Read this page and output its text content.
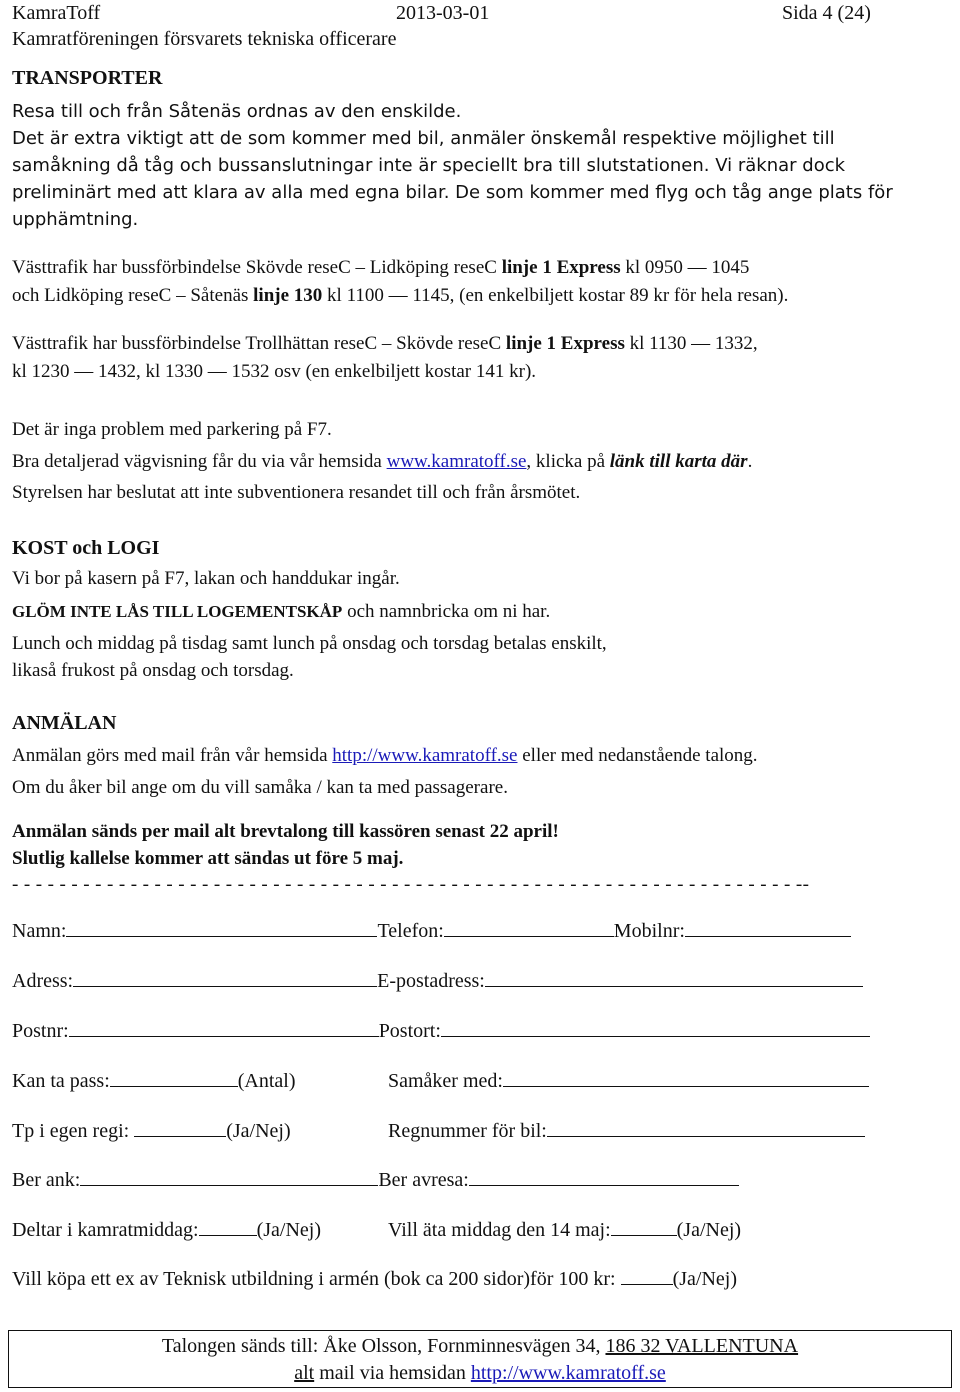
KamraToff	2013-03-01	Sida 4 (24)
Kamratföreningen försvarets tekniska officerare
TRANSPORTER
Resa till och från Såtenäs ordnas av den enskilde.
Det är extra viktigt att de som kommer med bil, anmäler önskemål respektive möjlighet till
samåkning då tåg och bussanslutningar inte är speciellt bra till slutstationen. Vi räknar dock
preliminärt med att klara av alla med egna bilar. De som kommer med flyg och tåg ange plats för
upphämtning.
Västtrafik har bussförbindelse Skövde reseC – Lidköping reseC linje 1 Express kl 0950 — 1045
och Lidköping reseC – Såtenäs linje 130 kl 1100 — 1145, (en enkelbiljett kostar 89 kr för hela resan).
Västtrafik har bussförbindelse Trollhättan reseC – Skövde reseC linje 1 Express kl 1130 — 1332,
kl 1230 — 1432, kl 1330 — 1532 osv (en enkelbiljett kostar 141 kr).
Det är inga problem med parkering på F7.
Bra detaljerad vägvisning får du via vår hemsida www.kamratoff.se, klicka på länk till karta där.
Styrelsen har beslutat att inte subventionera resandet till och från årsmötet.
KOST och LOGI
Vi bor på kasern på F7, lakan och handdukar ingår.
GLÖM INTE LÅS TILL LOGEMENTSKÅP och namnbricka om ni har.
Lunch och middag på tisdag samt lunch på onsdag och torsdag betalas enskilt,
likaså frukost på onsdag och torsdag.
ANMÄLAN
Anmälan görs med mail från vår hemsida http://www.kamratoff.se eller med nedanstående talong.
Om du åker bil ange om du vill samåka / kan ta med passagerare.
Anmälan sänds per mail alt brevtalong till kassören senast 22 april!
Slutlig kallelse kommer att sändas ut före 5 maj.
- - - - - - - - - - - - - - - - - - - - - - - - - - - - - - - - - - - - - - - - - - - - - - - - - - - - - - - - - - - - - - - - - - --
Namn:	Telefon:	Mobilnr:
Adress:	E-postadress:
Postnr:	Postort:
Kan ta pass:	(Antal)	Samåker med:
Tp i egen regi:	(Ja/Nej)	Regnummer för bil:
Ber ank:	Ber avresa:
Deltar i kamratmiddag:	(Ja/Nej)	Vill äta middag den 14 maj:	(Ja/Nej)
Vill köpa ett ex av Teknisk utbildning i armén (bok ca 200 sidor)för 100 kr:	(Ja/Nej)
Talongen sänds till: Åke Olsson, Fornminnesvägen 34, 186 32 VALLENTUNA
alt mail via hemsidan http://www.kamratoff.se
